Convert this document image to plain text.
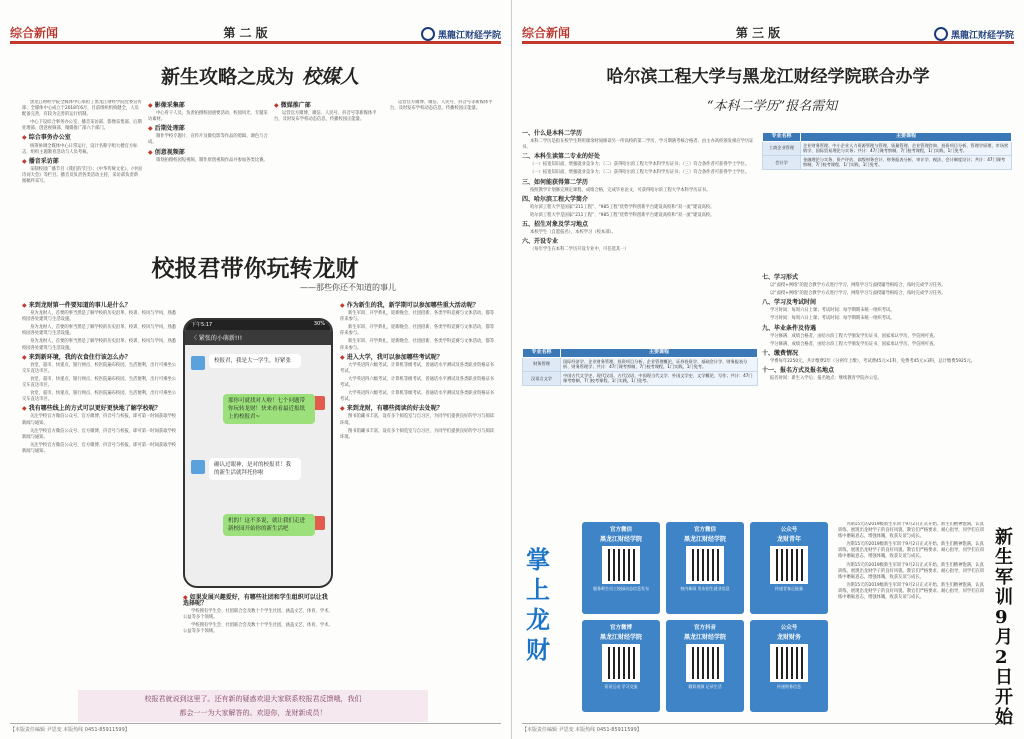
综合新闻	第 二 版	黑龍江财経学院
新生攻略之成为 校媒人

黑龙江财经学院全媒体中心承担了黑龙江财经学院党委宣传部、全媒体中心成立于2018年6月，目前组织机构健全，人员配备完善，有较为完善的运行机制。

中心下设综合事务办公室、播音采访部、影像采集部、后期处理部、创意视频部、微媒推广部六个部门。

◆ 综合事务办公室

统筹协调全媒体中心日常运行，设计名称字组大楼官方标志，组织主题教育活动与人员考核。

◆ 播音采访部

采制校园广播节目《我们的节目》；《中华传统文化》、《中国诗词大会》等栏目。播音员负责各类活动主持，采访部负责新闻稿件采写。

◆ 影像采集部

中心骨干人员，负责拍摄校园重要活动、校园风光、专题采访素材。

◆ 后期处理部

制作学校专题片、宣传片及微电影等作品的剪辑、调色与合成。

◆ 创意视频部

策划拍摄校园短视频、制作原创视频作品并参加各类比赛。

◆ 微媒推广部

运营官方微博、微信、人民号、抖音号等新媒体平台，及时发布学校动态信息，传播校园正能量。

运营官方微博、微信、人民号、抖音号等新媒体平台，及时发布学校动态信息，传播校园正能量。

校报君带你玩转龙财
——那些你还不知道的事儿
◆ 来到龙财第一件要知道的事儿是什么？

身为龙财人，首要的事当然是了解学校的历史沿革、校训、校风与学风，熟悉校园各处建筑与生活设施。

身为龙财人，首要的事当然是了解学校的历史沿革、校训、校风与学风，熟悉校园各处建筑与生活设施。

身为龙财人，首要的事当然是了解学校的历史沿革、校训、校风与学风，熟悉校园各处建筑与生活设施。

◆ 来到新环境，我的衣食住行该怎么办？

食堂、超市、快递点、银行网点、校医院遍布校园，生活便利，出行可乘坐公交车直达市区。

食堂、超市、快递点、银行网点、校医院遍布校园，生活便利，出行可乘坐公交车直达市区。

食堂、超市、快递点、银行网点、校医院遍布校园，生活便利，出行可乘坐公交车直达市区。

◆ 我有哪些线上的方式可以更好更快地了解学校呢？

关注学校官方微信公众号、官方微博、抖音号与校报，即可第一时间获取学校新闻与通知。

关注学校官方微信公众号、官方微博、抖音号与校报，即可第一时间获取学校新闻与通知。

关注学校官方微信公众号、官方微博、抖音号与校报，即可第一时间获取学校新闻与通知。

下午5:17	30%
〈 紧张的小萌新!!!
校报君，我是大一学生，好紧张
那你可就找对人啦！七个问题带你玩转龙财！快来看看最近报纸上的校报君~
确认过眼神，是对的校报君！我的新生活就拜托你啦
机的！这不多说，就让我们走进新校园开始你的新生活吧
◆ 作为新生的我，新学期可以参加哪些重大活动呢？

新生军训、开学典礼、迎新晚会、社团招新、各类学科竞赛与文体活动，都等你来参与。

新生军训、开学典礼、迎新晚会、社团招新、各类学科竞赛与文体活动，都等你来参与。

新生军训、开学典礼、迎新晚会、社团招新、各类学科竞赛与文体活动，都等你来参与。

◆ 进入大学，我可以参加哪些考试呢？

大学英语四六级考试、计算机等级考试、普通话水平测试及各类职业资格证书考试。

大学英语四六级考试、计算机等级考试、普通话水平测试及各类职业资格证书考试。

大学英语四六级考试、计算机等级考试、普通话水平测试及各类职业资格证书考试。

◆ 来到龙财，有哪些阅读的好去处呢？

图书馆藏书丰富，设有多个阅览室与自习区，为同学们提供良好的学习与阅读环境。

图书馆藏书丰富，设有多个阅览室与自习区，为同学们提供良好的学习与阅读环境。

◆ 如果发展兴趣爱好，有哪些社团和学生组织可以让我选择呢？

学校拥有学生会、社团联合会及数十个学生社团，涵盖文艺、体育、学术、公益等多个领域。

学校拥有学生会、社团联合会及数十个学生社团，涵盖文艺、体育、学术、公益等多个领域。

校报君就说到这里了。还有新的疑惑欢迎大家联系校报君反馈哦，我们
都会一一为大家解答的。欢迎你，龙财新成员！
【本版责任编辑 尹思变 本版热线 0451-85911599】
综合新闻	第 三 版	黑龍江财経学院
哈尔滨工程大学与黑龙江财经学院联合办学
“本科二学历”报名需知
一、什么是本科二学历

本科二学历是指在校学生利用课余时间修读另一所高校的第二学历，学习期满考核合格者，由主办高校颁发相应学历证书。

二、本科生读第二专业的好处

（一）拓宽知识面，增强就业竞争力；（二）获得哈尔滨工程大学本科学历证书；（三）符合条件者可获得学士学位。

（一）拓宽知识面，增强就业竞争力；（二）获得哈尔滨工程大学本科学历证书；（三）符合条件者可获得学士学位。

三、如何能获得第二学历

按照教学计划修完规定课程，成绩合格，完成毕业论文，可获得哈尔滨工程大学本科学历证书。

四、哈尔滨工程大学简介

哈尔滨工程大学是国家“211工程”、“985工程”优势学科创新平台建设高校和“双一流”建设高校。

哈尔滨工程大学是国家“211工程”、“985工程”优势学科创新平台建设高校和“双一流”建设高校。

五、招生对象及学习地点

本校学生（自愿报名），本校学习（校本部）。

六、开设专业

（每年学生在本科二学历开设专业中，可任选其一）

专业名称	主要课程
财务管理	国际经济学、企业财务管理、投资项目分析、企业管理概论、证券投资学、基础会计学、财务报表分析、财务管理学；共计：47门课考察制，7门校考课程，1门实践，1门免考。
汉语言文学	中国古代文学史、现代汉语、古代汉语、中国现当代文学、外国文学史、文学概论、写作；共计：47门课考察制，7门校考课程，1门实践，1门免考。
专业名称	主要课程
工商企业管理	企业财务管理、中小企业人力资源管理与管理、质量管理、企业管理咨询、投资项目分析、管理学原理、市场营销学、国际贸易理论与实务；共计：47门课考察制，7门校考课程，1门实践，1门免考。
会计学	金融理论与实务、资产评估、高级财务会计、财务报表分析、审计学、税法、会计制度设计；共计：47门课考察制，7门校考课程，1门实践，1门免考。
七、学习形式

以“面授+网络”的混合教学方式进行学习，网络学习与面授辅导相结合，按时完成学习任务。

以“面授+网络”的混合教学方式进行学习，网络学习与面授辅导相结合，按时完成学习任务。

八、学习及考试时间

学习时间：每周六日上课；考试时间：每学期期末统一组织考试。

学习时间：每周六日上课；考试时间：每学期期末统一组织考试。

九、毕业条件及待遇

学分修满、成绩合格者，由哈尔滨工程大学颁发学历证书，国家承认学历，学信网可查。

学分修满、成绩合格者，由哈尔滨工程大学颁发学历证书，国家承认学历，学信网可查。

十、缴费情况

学费每年2250元，共计缴费2年（分两年上缴），考试费45元×1科，免费考45元×3科，总计缴费5925元。

十一、报名方式及报名地点

报名时间：新生入学后；报名地点：继续教育学院办公室。

为期15天的2019级新生军训于9月2日正式开始。新生们精神饱满，认真训练，展现出龙财学子的良好风貌。教官们严格要求、耐心指导，同学们在训练中磨砺意志、增强体魄，收获友谊与成长。

为期15天的2019级新生军训于9月2日正式开始。新生们精神饱满，认真训练，展现出龙财学子的良好风貌。教官们严格要求、耐心指导，同学们在训练中磨砺意志、增强体魄，收获友谊与成长。

为期15天的2019级新生军训于9月2日正式开始。新生们精神饱满，认真训练，展现出龙财学子的良好风貌。教官们严格要求、耐心指导，同学们在训练中磨砺意志、增强体魄，收获友谊与成长。

为期15天的2019级新生军训于9月2日正式开始。新生们精神饱满，认真训练，展现出龙财学子的良好风貌。教官们严格要求、耐心指导，同学们在训练中磨砺意志、增强体魄，收获友谊与成长。

【本版责任编辑 尹思变 本版热线 0451-85911599】
掌上龙财
官方微信
黑龙江财经学院
服务师生员工校园动态信息发布
官方微信
黑龙江财经学院
校内新闻 发布招生就业信息
公众号
龙财青年
传递青春正能量
官方微博
黑龙江财经学院
资讯互动 学习交流
官方抖音
黑龙江财经学院
精彩视频 记录生活
公众号
龙财财务
传递财务信息
新生军训9月2日开始
